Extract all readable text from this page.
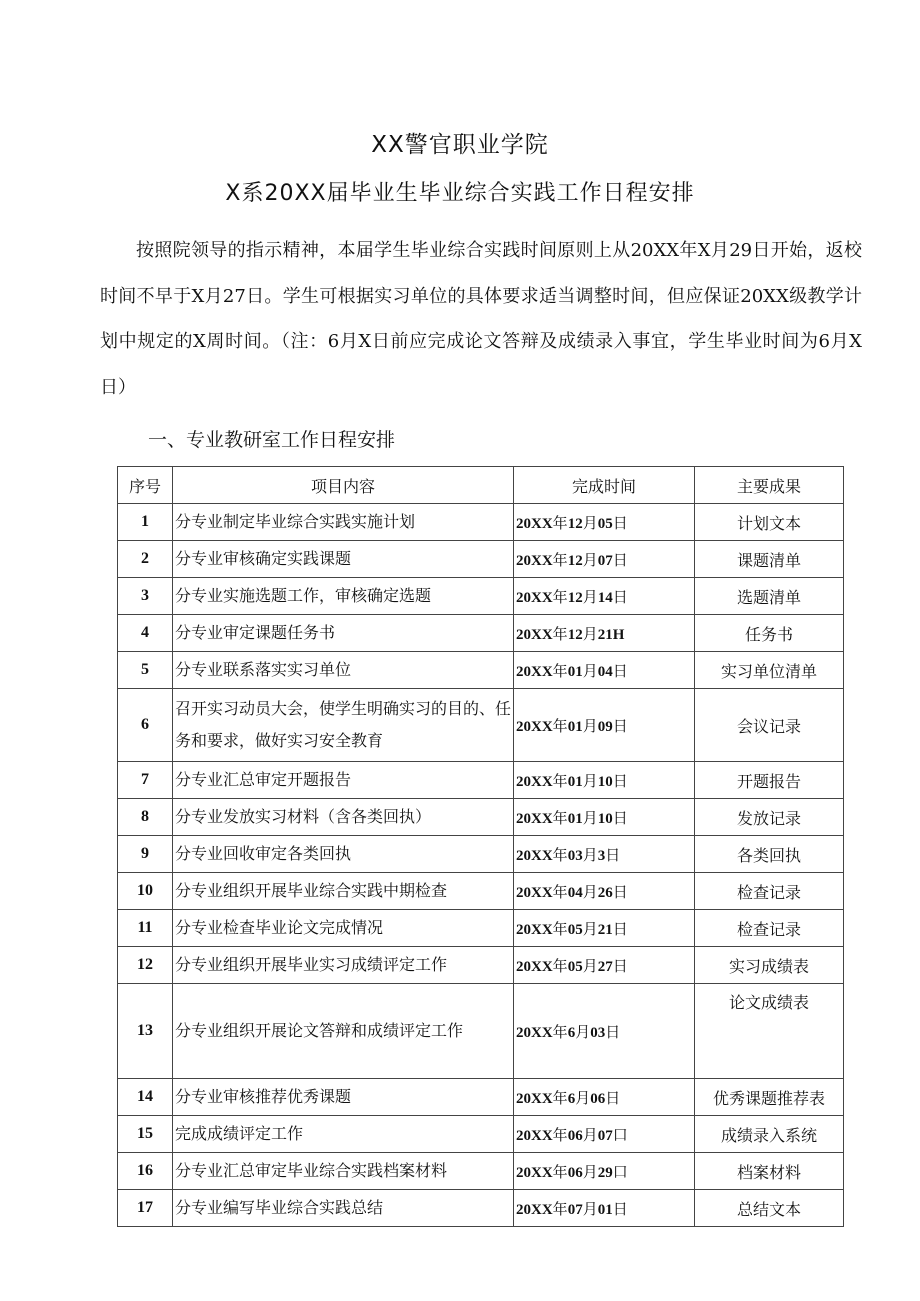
XX警官职业学院
X系20XX届毕业生毕业综合实践工作日程安排
按照院领导的指示精神，本届学生毕业综合实践时间原则上从20XX年X月29日开始，返校时间不早于X月27日。学生可根据实习单位的具体要求适当调整时间，但应保证20XX级教学计划中规定的X周时间。（注：6月X日前应完成论文答辩及成绩录入事宜，学生毕业时间为6月X日）
一、专业教研室工作日程安排
序号	项目内容	完成时间	主要成果
1	分专业制定毕业综合实践实施计划	20XX年12月05日	计划文本
2	分专业审核确定实践课题	20XX年12月07日	课题清单
3	分专业实施选题工作，审核确定选题	20XX年12月14日	选题清单
4	分专业审定课题任务书	20XX年12月21H	任务书
5	分专业联系落实实习单位	20XX年01月04日	实习单位清单
6	召开实习动员大会，使学生明确实习的目的、任务和要求，做好实习安全教育	20XX年01月09日	会议记录
7	分专业汇总审定开题报告	20XX年01月10日	开题报告
8	分专业发放实习材料（含各类回执）	20XX年01月10日	发放记录
9	分专业回收审定各类回执	20XX年03月3日	各类回执
10	分专业组织开展毕业综合实践中期检查	20XX年04月26日	检查记录
11	分专业检查毕业论文完成情况	20XX年05月21日	检查记录
12	分专业组织开展毕业实习成绩评定工作	20XX年05月27日	实习成绩表
13	分专业组织开展论文答辩和成绩评定工作	20XX年6月03日	论文成绩表
14	分专业审核推荐优秀课题	20XX年6月06日	优秀课题推荐表
15	完成成绩评定工作	20XX年06月07口	成绩录入系统
16	分专业汇总审定毕业综合实践档案材料	20XX年06月29口	档案材料
17	分专业编写毕业综合实践总结	20XX年07月01日	总结文本
